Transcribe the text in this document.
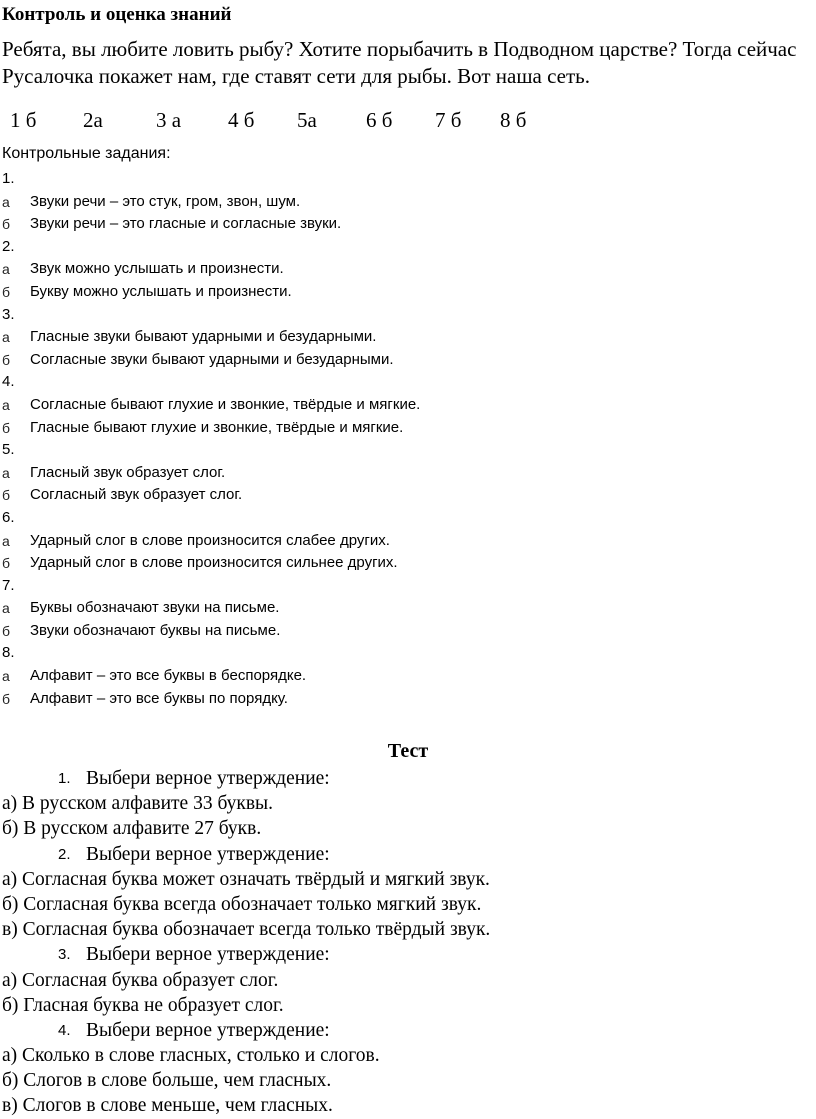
Контроль и оценка знаний
Ребята, вы любите ловить рыбу? Хотите порыбачить в Подводном царстве? Тогда сейчас Русалочка покажет нам, где ставят сети для рыбы. Вот наша сеть.
1 б 2а	3 а 4 б 5а 6 б 7 б 8 б
Контрольные задания:
1.
а Звуки речи – это стук, гром, звон, шум.
б Звуки речи – это гласные и согласные звуки.
2.
а Звук можно услышать и произнести.
б Букву можно услышать и произнести.
3.
а Гласные звуки бывают ударными и безударными.
б Согласные звуки бывают ударными и безударными.
4.
а Согласные бывают глухие и звонкие, твёрдые и мягкие.
б Гласные бывают глухие и звонкие, твёрдые и мягкие.
5.
а Гласный звук образует слог.
б Согласный звук образует слог.
6.
а Ударный слог в слове произносится слабее других.
б Ударный слог в слове произносится сильнее других.
7.
а Буквы обозначают звуки на письме.
б Звуки обозначают буквы на письме.
8.
а Алфавит – это все буквы в беспорядке.
б Алфавит – это все буквы по порядку.
Тест
1. Выбери верное утверждение:
а) В русском алфавите 33 буквы.
б) В русском алфавите 27 букв.
2. Выбери верное утверждение:
а) Согласная буква может означать твёрдый и мягкий звук.
б) Согласная буква всегда обозначает только мягкий звук.
в) Согласная буква обозначает всегда только твёрдый звук.
3. Выбери верное утверждение:
а) Согласная буква образует слог.
б) Гласная буква не образует слог.
4. Выбери верное утверждение:
а) Сколько в слове гласных, столько и слогов.
б) Слогов в слове больше, чем гласных.
в) Слогов в слове меньше, чем гласных.
